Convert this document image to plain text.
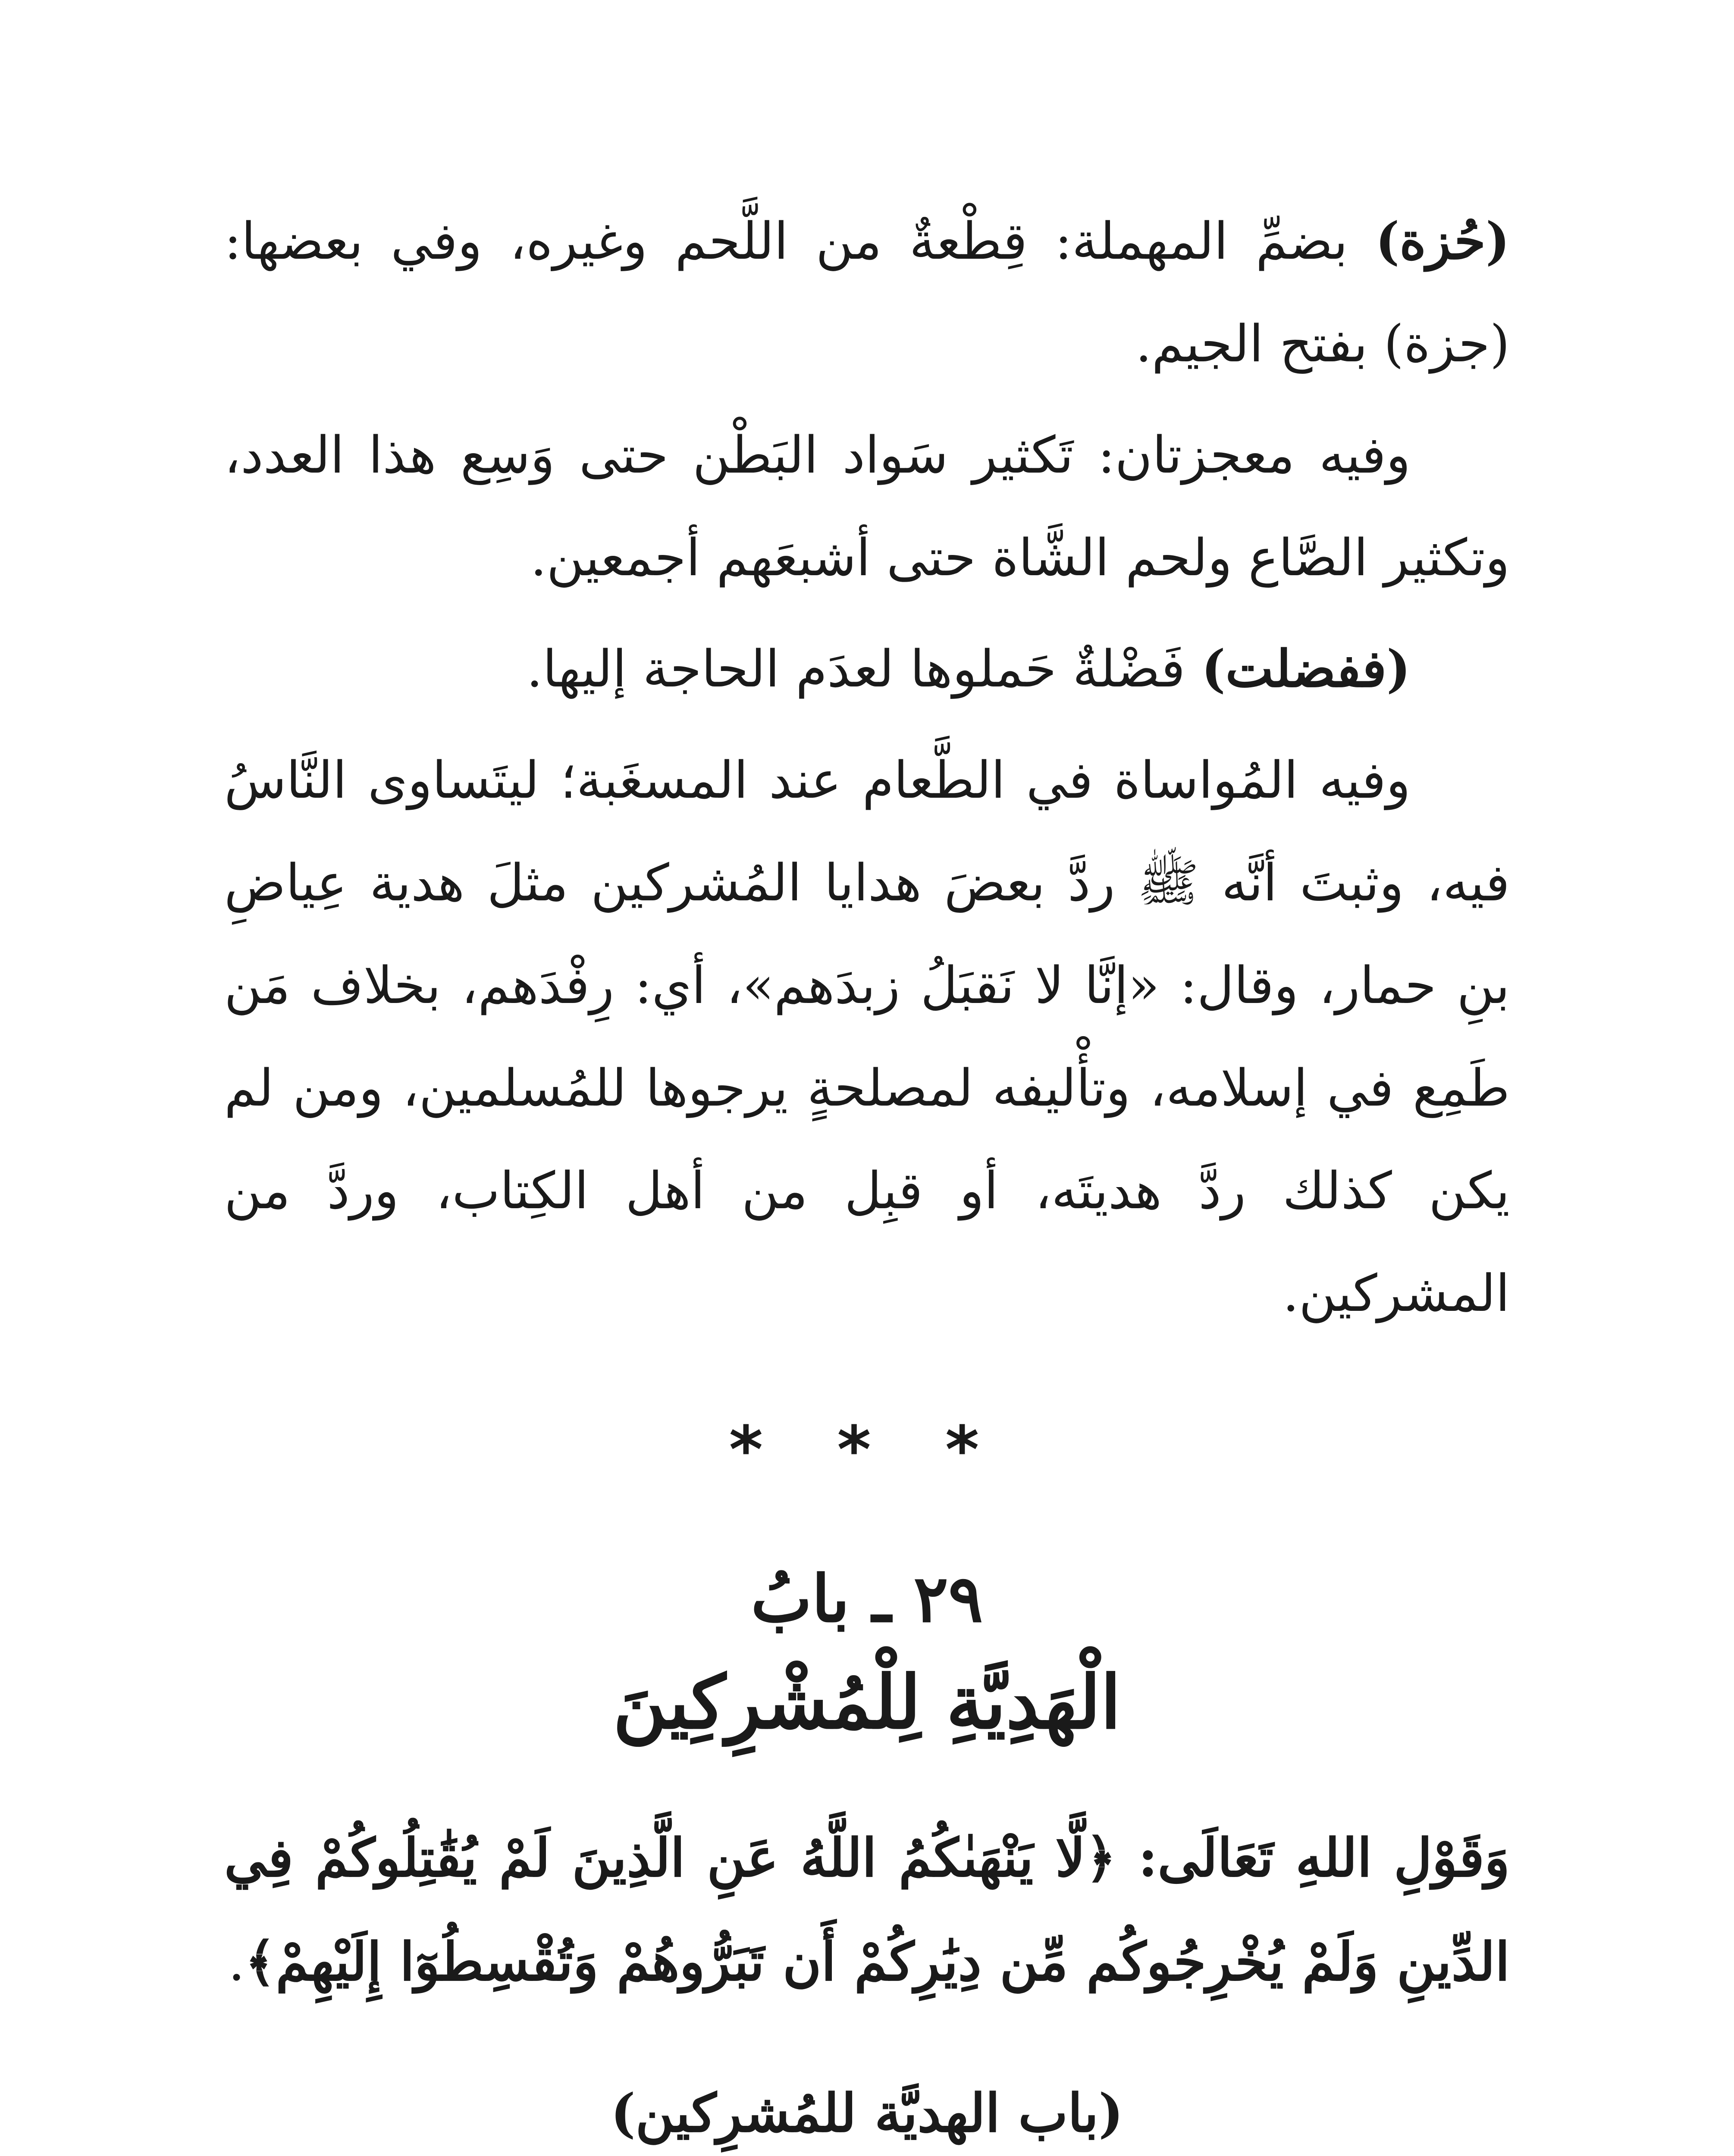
(حُزة) بضمِّ المهملة: قِطْعةٌ من اللَّحم وغيره، وفي بعضها: (جزة) بفتح الجيم.

وفيه معجزتان: تَكثير سَواد البَطْن حتى وَسِع هذا العدد، وتكثير الصَّاع ولحم الشَّاة حتى أشبعَهم أجمعين.

(ففضلت) فَضْلةٌ حَملوها لعدَم الحاجة إليها.

وفيه المُواساة في الطَّعام عند المسغَبة؛ ليتَساوى النَّاسُ فيه، وثبتَ أنَّه ﷺ ردَّ بعضَ هدايا المُشركين مثلَ هدية عِياضِ بنِ حمار، وقال: «إنَّا لا نَقبَلُ زبدَهم»، أي: رِفْدَهم، بخلاف مَن طَمِع في إسلامه، وتأْليفه لمصلحةٍ يرجوها للمُسلمين، ومن لم يكن كذلك ردَّ هديتَه، أو قبِل من أهل الكِتاب، وردَّ من المشركين.

* * *
٢٩ ـ بابُ
الْهَدِيَّةِ لِلْمُشْرِكِينَ

وَقَوْلِ اللهِ تَعَالَى: ﴿لَّا يَنْهَىٰكُمُ اللَّهُ عَنِ الَّذِينَ لَمْ يُقَٰتِلُوكُمْ فِي الدِّينِ وَلَمْ يُخْرِجُوكُم مِّن دِيَٰرِكُمْ أَن تَبَرُّوهُمْ وَتُقْسِطُوٓا إِلَيْهِمْ﴾.

(باب الهديَّة للمُشرِكين)
